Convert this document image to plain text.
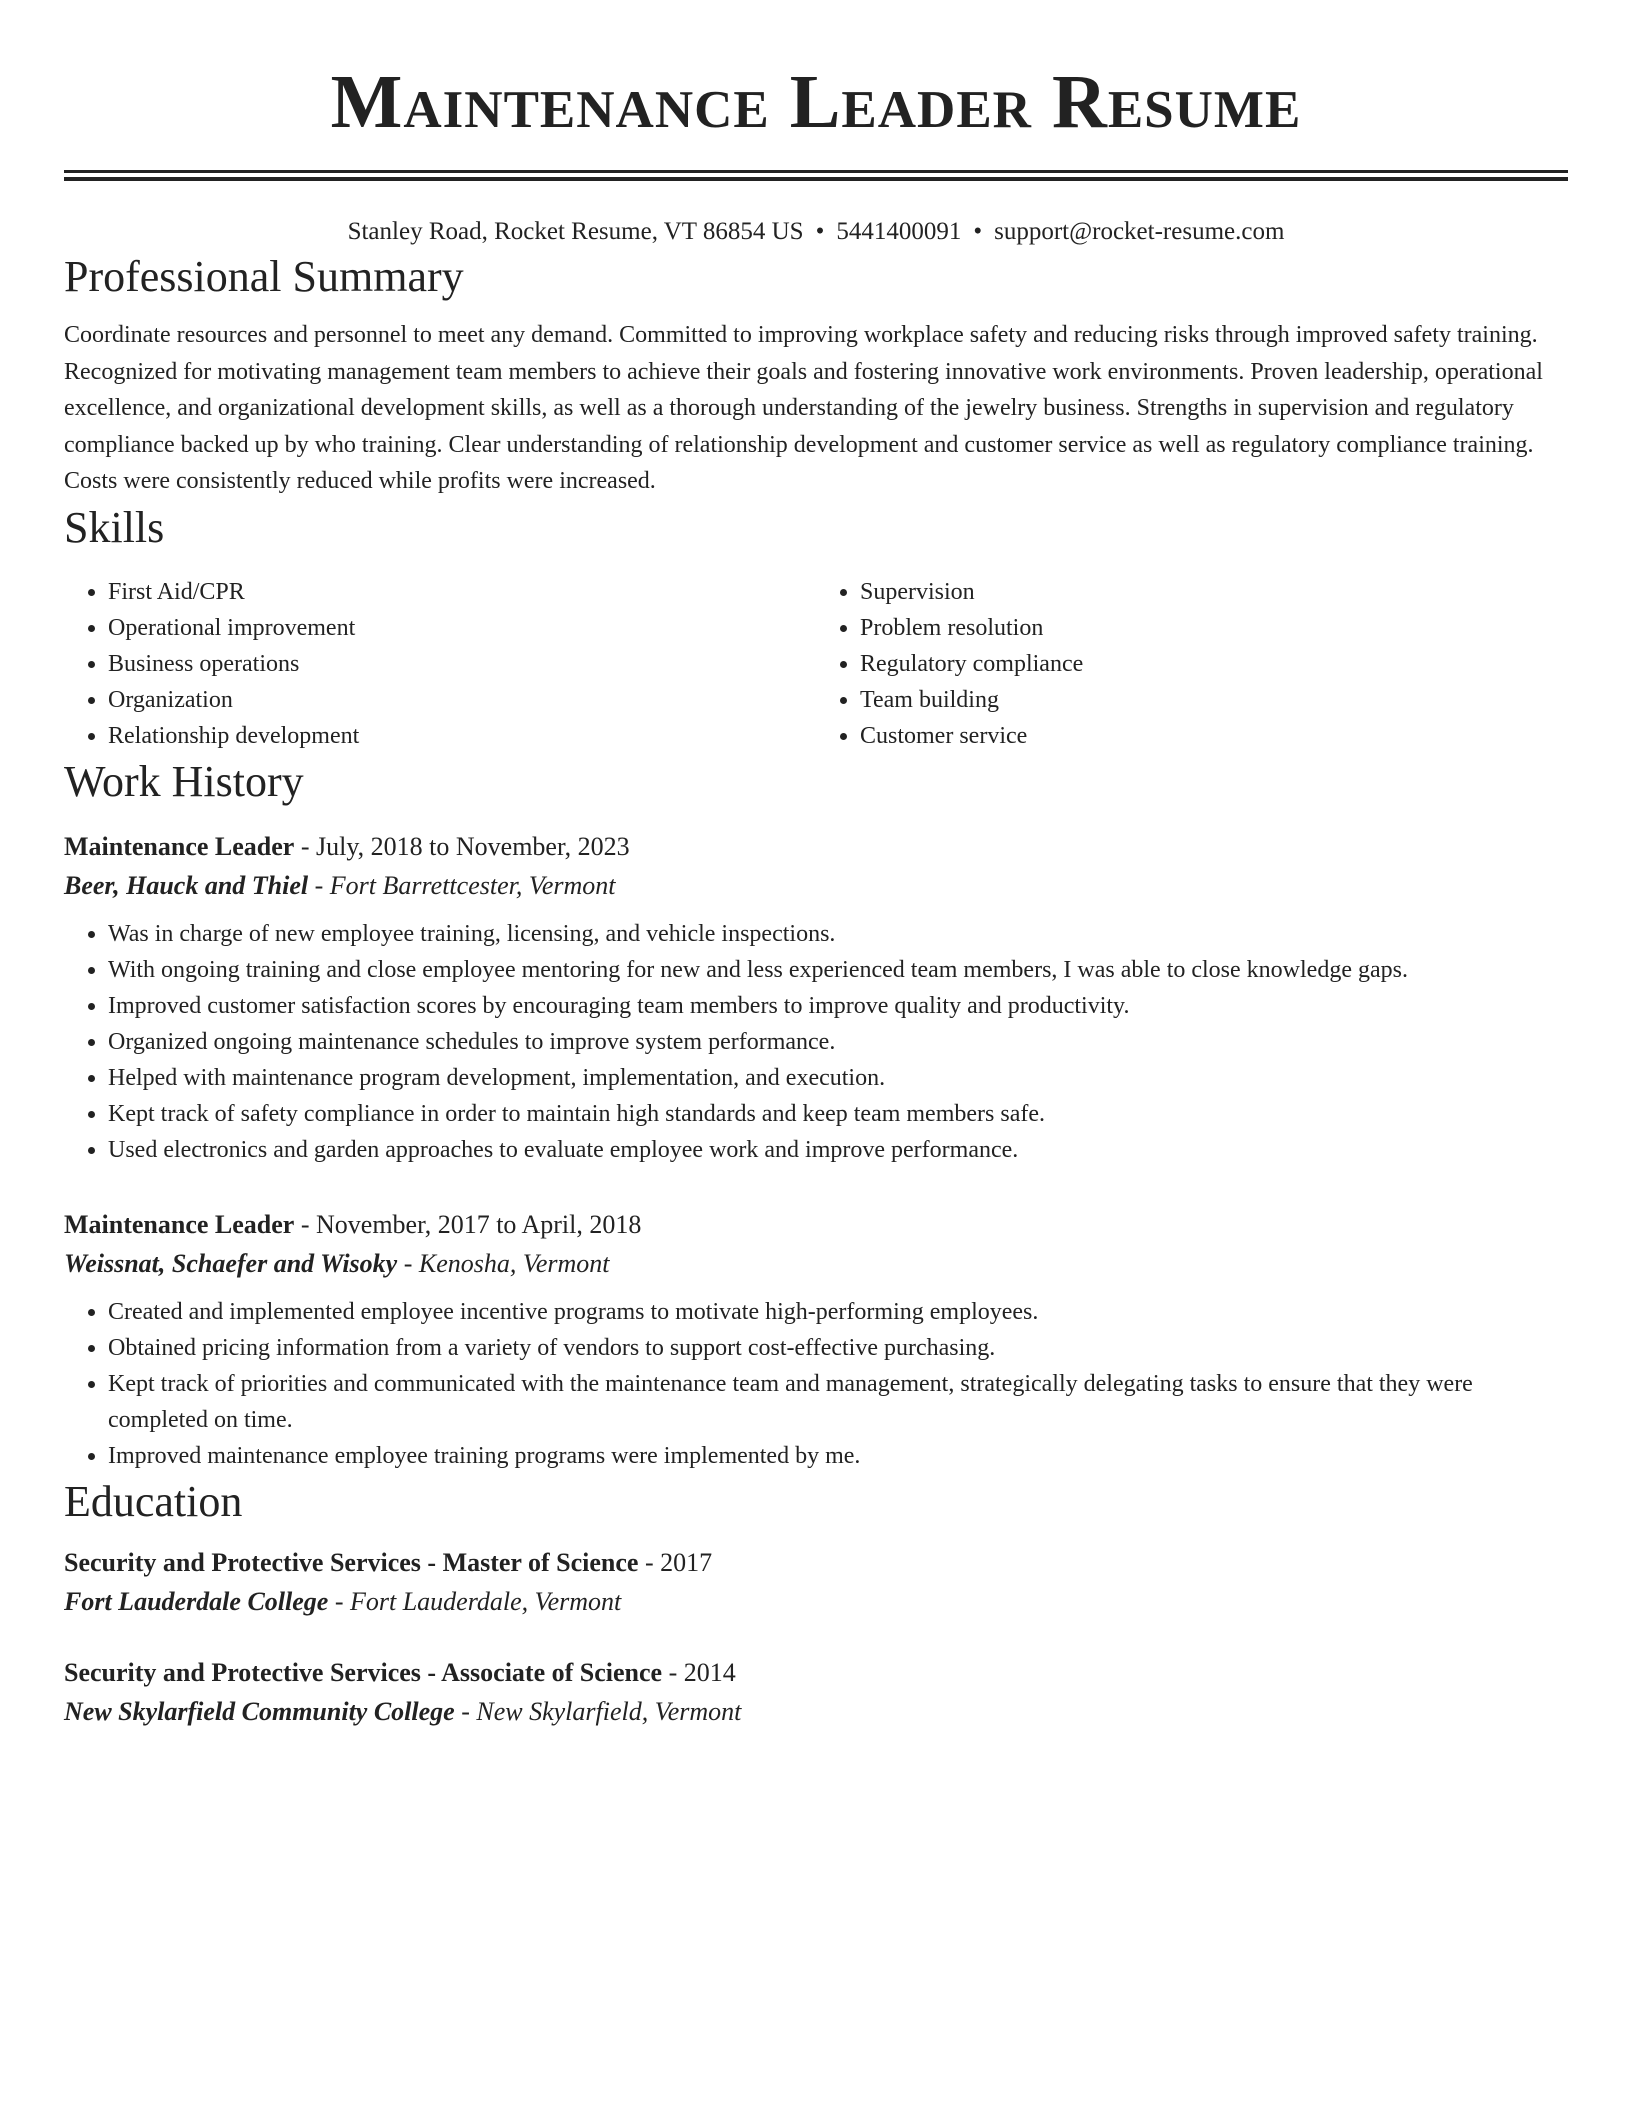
Maintenance Leader Resume
Stanley Road, Rocket Resume, VT 86854 US • 5441400091 • support@rocket-resume.com
Professional Summary

Coordinate resources and personnel to meet any demand. Committed to improving workplace safety and reducing risks through improved safety training. Recognized for motivating management team members to achieve their goals and fostering innovative work environments. Proven leadership, operational excellence, and organizational development skills, as well as a thorough understanding of the jewelry business. Strengths in supervision and regulatory compliance backed up by who training. Clear understanding of relationship development and customer service as well as regulatory compliance training. Costs were consistently reduced while profits were increased.

Skills
• First Aid/CPR
• Operational improvement
• Business operations
• Organization
• Relationship development
• Supervision
• Problem resolution
• Regulatory compliance
• Team building
• Customer service
Work History
Maintenance Leader - July, 2018 to November, 2023
Beer, Hauck and Thiel - Fort Barrettcester, Vermont
• Was in charge of new employee training, licensing, and vehicle inspections.
• With ongoing training and close employee mentoring for new and less experienced team members, I was able to close knowledge gaps.
• Improved customer satisfaction scores by encouraging team members to improve quality and productivity.
• Organized ongoing maintenance schedules to improve system performance.
• Helped with maintenance program development, implementation, and execution.
• Kept track of safety compliance in order to maintain high standards and keep team members safe.
• Used electronics and garden approaches to evaluate employee work and improve performance.
Maintenance Leader - November, 2017 to April, 2018
Weissnat, Schaefer and Wisoky - Kenosha, Vermont
• Created and implemented employee incentive programs to motivate high-performing employees.
• Obtained pricing information from a variety of vendors to support cost-effective purchasing.
• Kept track of priorities and communicated with the maintenance team and management, strategically delegating tasks to ensure that they were completed on time.
• Improved maintenance employee training programs were implemented by me.
Education
Security and Protective Services - Master of Science - 2017
Fort Lauderdale College - Fort Lauderdale, Vermont
Security and Protective Services - Associate of Science - 2014
New Skylarfield Community College - New Skylarfield, Vermont
